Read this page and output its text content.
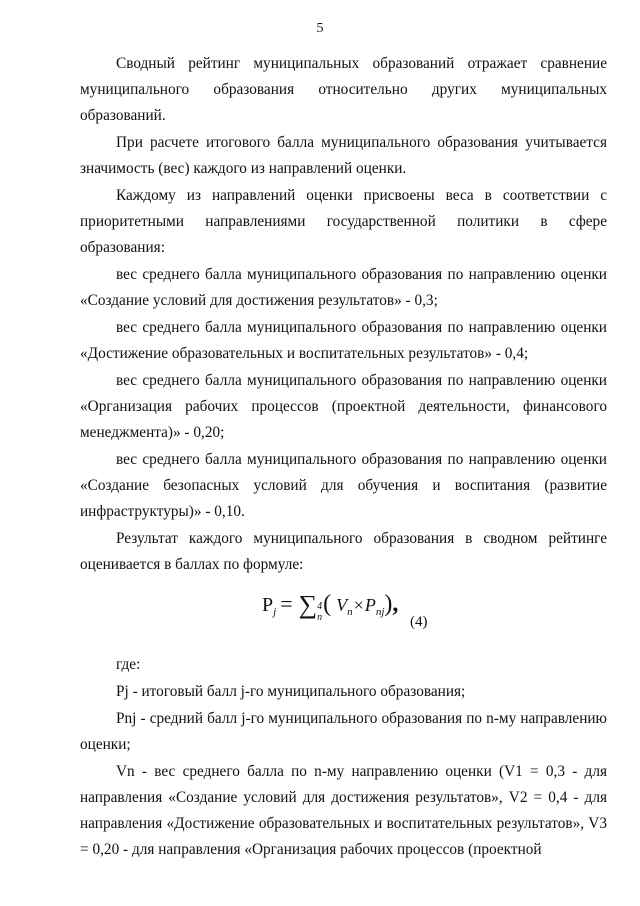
5

Сводный рейтинг муниципальных образований отражает сравнение муниципального образования относительно других муниципальных образований.

При расчете итогового балла муниципального образования учитывается значимость (вес) каждого из направлений оценки.

Каждому из направлений оценки присвоены веса в соответствии с приоритетными направлениями государственной политики в сфере образования:

вес среднего балла муниципального образования по направлению оценки «Создание условий для достижения результатов» - 0,3;

вес среднего балла муниципального образования по направлению оценки «Достижение образовательных и воспитательных результатов» - 0,4;

вес среднего балла муниципального образования по направлению оценки «Организация рабочих процессов (проектной деятельности, финансового менеджмента)» - 0,20;

вес среднего балла муниципального образования по направлению оценки «Создание безопасных условий для обучения и воспитания (развитие инфраструктуры)» - 0,10.

Результат каждого муниципального образования в сводном рейтинге оценивается в баллах по формуле:

$P_j$ = ∑ 4
n
( $V_n\times P_{nj}$),
(4)

где:

Pj - итоговый балл j-го муниципального образования;

Pnj - средний балл j-го муниципального образования по n-му направлению оценки;

Vn - вес среднего балла по n-му направлению оценки (V1 = 0,3 - для направления «Создание условий для достижения результатов», V2 = 0,4 - для направления «Достижение образовательных и воспитательных результатов», V3 = 0,20 - для направления «Организация рабочих процессов (проектной
